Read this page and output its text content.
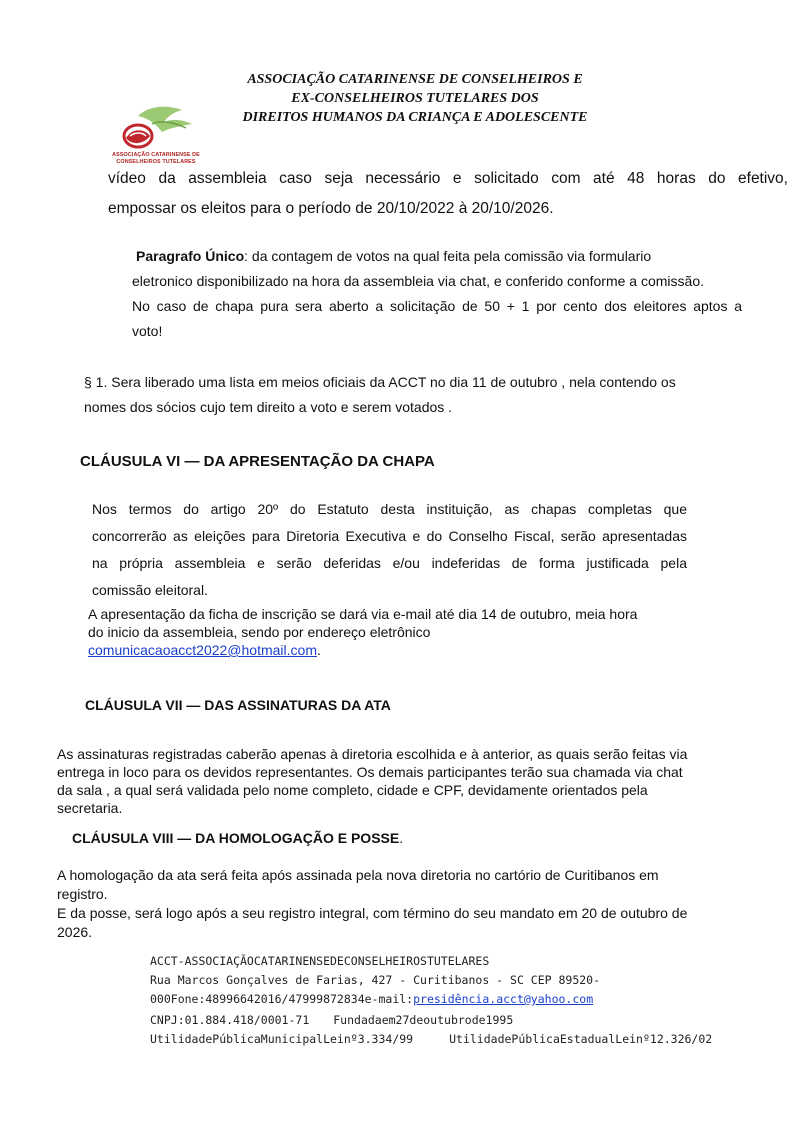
ASSOCIAÇÃO CATARINENSE DE CONSELHEIROS E
EX-CONSELHEIROS TUTELARES DOS
DIREITOS HUMANOS DA CRIANÇA E ADOLESCENTE
ASSOCIAÇÃO CATARINENSE DE
CONSELHEIROS TUTELARES
vídeo da assembleia caso seja necessário e solicitado com até 48 horas do efetivo,
empossar os eleitos para o período de 20/10/2022 à 20/10/2026.
Paragrafo Único: da contagem de votos na qual feita pela comissão via formulario
eletronico disponibilizado na hora da assembleia via chat, e conferido conforme a comissão.
No caso de chapa pura sera aberto a solicitação de 50 + 1 por cento dos eleitores aptos a
voto!
§ 1. Sera liberado uma lista em meios oficiais da ACCT no dia 11 de outubro , nela contendo os
nomes dos sócios cujo tem direito a voto e serem votados .
CLÁUSULA VI — DA APRESENTAÇÃO DA CHAPA
Nos termos do artigo 20º do Estatuto desta instituição, as chapas completas que
concorrerão as eleições para Diretoria Executiva e do Conselho Fiscal, serão apresentadas
na própria assembleia e serão deferidas e/ou indeferidas de forma justificada pela
comissão eleitoral.
A apresentação da ficha de inscrição se dará via e-mail até dia 14 de outubro, meia hora
do inicio da assembleia, sendo por endereço eletrônico
comunicacaoacct2022@hotmail.com.
CLÁUSULA VII — DAS ASSINATURAS DA ATA
As assinaturas registradas caberão apenas à diretoria escolhida e à anterior, as quais serão feitas via
entrega in loco para os devidos representantes. Os demais participantes terão sua chamada via chat
da sala , a qual será validada pelo nome completo, cidade e CPF, devidamente orientados pela
secretaria.
CLÁUSULA VIII — DA HOMOLOGAÇÃO E POSSE.
A homologação da ata será feita após assinada pela nova diretoria no cartório de Curitibanos em
registro.
E da posse, será logo após a seu registro integral, com término do seu mandato em 20 de outubro de
2026.
ACCT-ASSOCIAÇÃOCATARINENSEDECONSELHEIROSTUTELARES
Rua Marcos Gonçalves de Farias, 427 - Curitibanos - SC CEP 89520-
000Fone:48996642016/47999872834e-mail:presidência.acct@yahoo.com
CNPJ:01.884.418/0001-71 Fundadaem27deoutubrode1995
UtilidadePúblicaMunicipalLeinº3.334/99	UtilidadePúblicaEstadualLeinº12.326/02
